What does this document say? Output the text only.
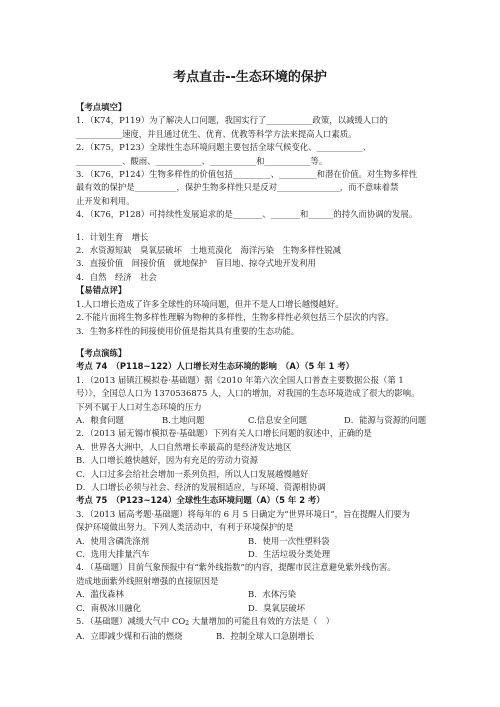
考点直击--生态环境的保护
【考点填空】
1．（K74，P119）为了解决人口问题，我国实行了___________政策，以减缓人口的
___________速度，并且通过优生、优育、优教等科学方法来提高人口素质。
2．（K75，P123）全球性生态环境问题主要包括全球气候变化、___________、
___________、酸雨、___________、___________和___________等。
3．（K76，P124）生物多样性的价值包括_________、_________和潜在价值。对生物多样性
最有效的保护是__________，保护生物多样性只是反对_______________，而不意味着禁
止开发和利用。
4．（K76，P128）可持续性发展追求的是_______、_______和______的持久而协调的发展。
1．计划生育　增长
2．水资源短缺　臭氧层破坏　土地荒漠化　海洋污染　生物多样性锐减
3．直接价值　间接价值　就地保护　盲目地、掠夺式地开发利用
4．自然　经济　社会
【易错点评】
1.人口增长造成了许多全球性的环境问题，但并不是人口增长越慢越好。
2.不能片面将生物多样性理解为物种的多样性，生物多样性必须包括三个层次的内容。
3．生物多样性的间接使用价值是指其具有重要的生态功能。
【考点演练】
考点 74　（P118~122）人口增长对生态环境的影响　（A）（5 年 1 考）
1．（2013 届镇江模拟卷·基础题）据《2010 年第六次全国人口普查主要数据公报（第 1
号）》，全国总人口为 1370536875 人，人口的增加，对我国的生态环境造成了很大的影响。
下列不属于人口对生态环境的压力
A．粮食问题	B.土地问题	C.信息安全问题	D．能源与资源的问题
2．（2013 届无锡市模拟卷·基础题）下列有关人口增长问题的叙述中，正确的是
A．世界各大洲中，人口自然增长率最高的是经济发达地区
B．人口增长越快越好，因为有充足的劳动力资源
C．人口过多会给社会增加一系列负担，所以人口发展越慢越好
D．人口增长必须与社会、经济的发展相适应，与环境、资源相协调
考点 75　（P123~124）全球性生态环境问题（A）（5 年 2 考）
3．（2013 届高考题·基础题）将每年的 6 月 5 日确定为“世界环境日”，旨在提醒人们要为
保护环境做出努力。下列人类活动中，有利于环境保护的是
A．使用含磷洗涤剂	B．使用一次性塑料袋
C．选用大排量汽车	D．生活垃圾分类处理
4．（基础题）目前气象预报中有“紫外线指数”的内容，提醒市民注意避免紫外线伤害。
造成地面紫外线照射增强的直接原因是
A．滥伐森林	B．水体污染
C．南极冰川融化	D．臭氧层破坏
5．（基础题）减缓大气中 CO2 大量增加的可能且有效的方法是（　）
A．立即减少煤和石油的燃烧	B．控制全球人口急剧增长
